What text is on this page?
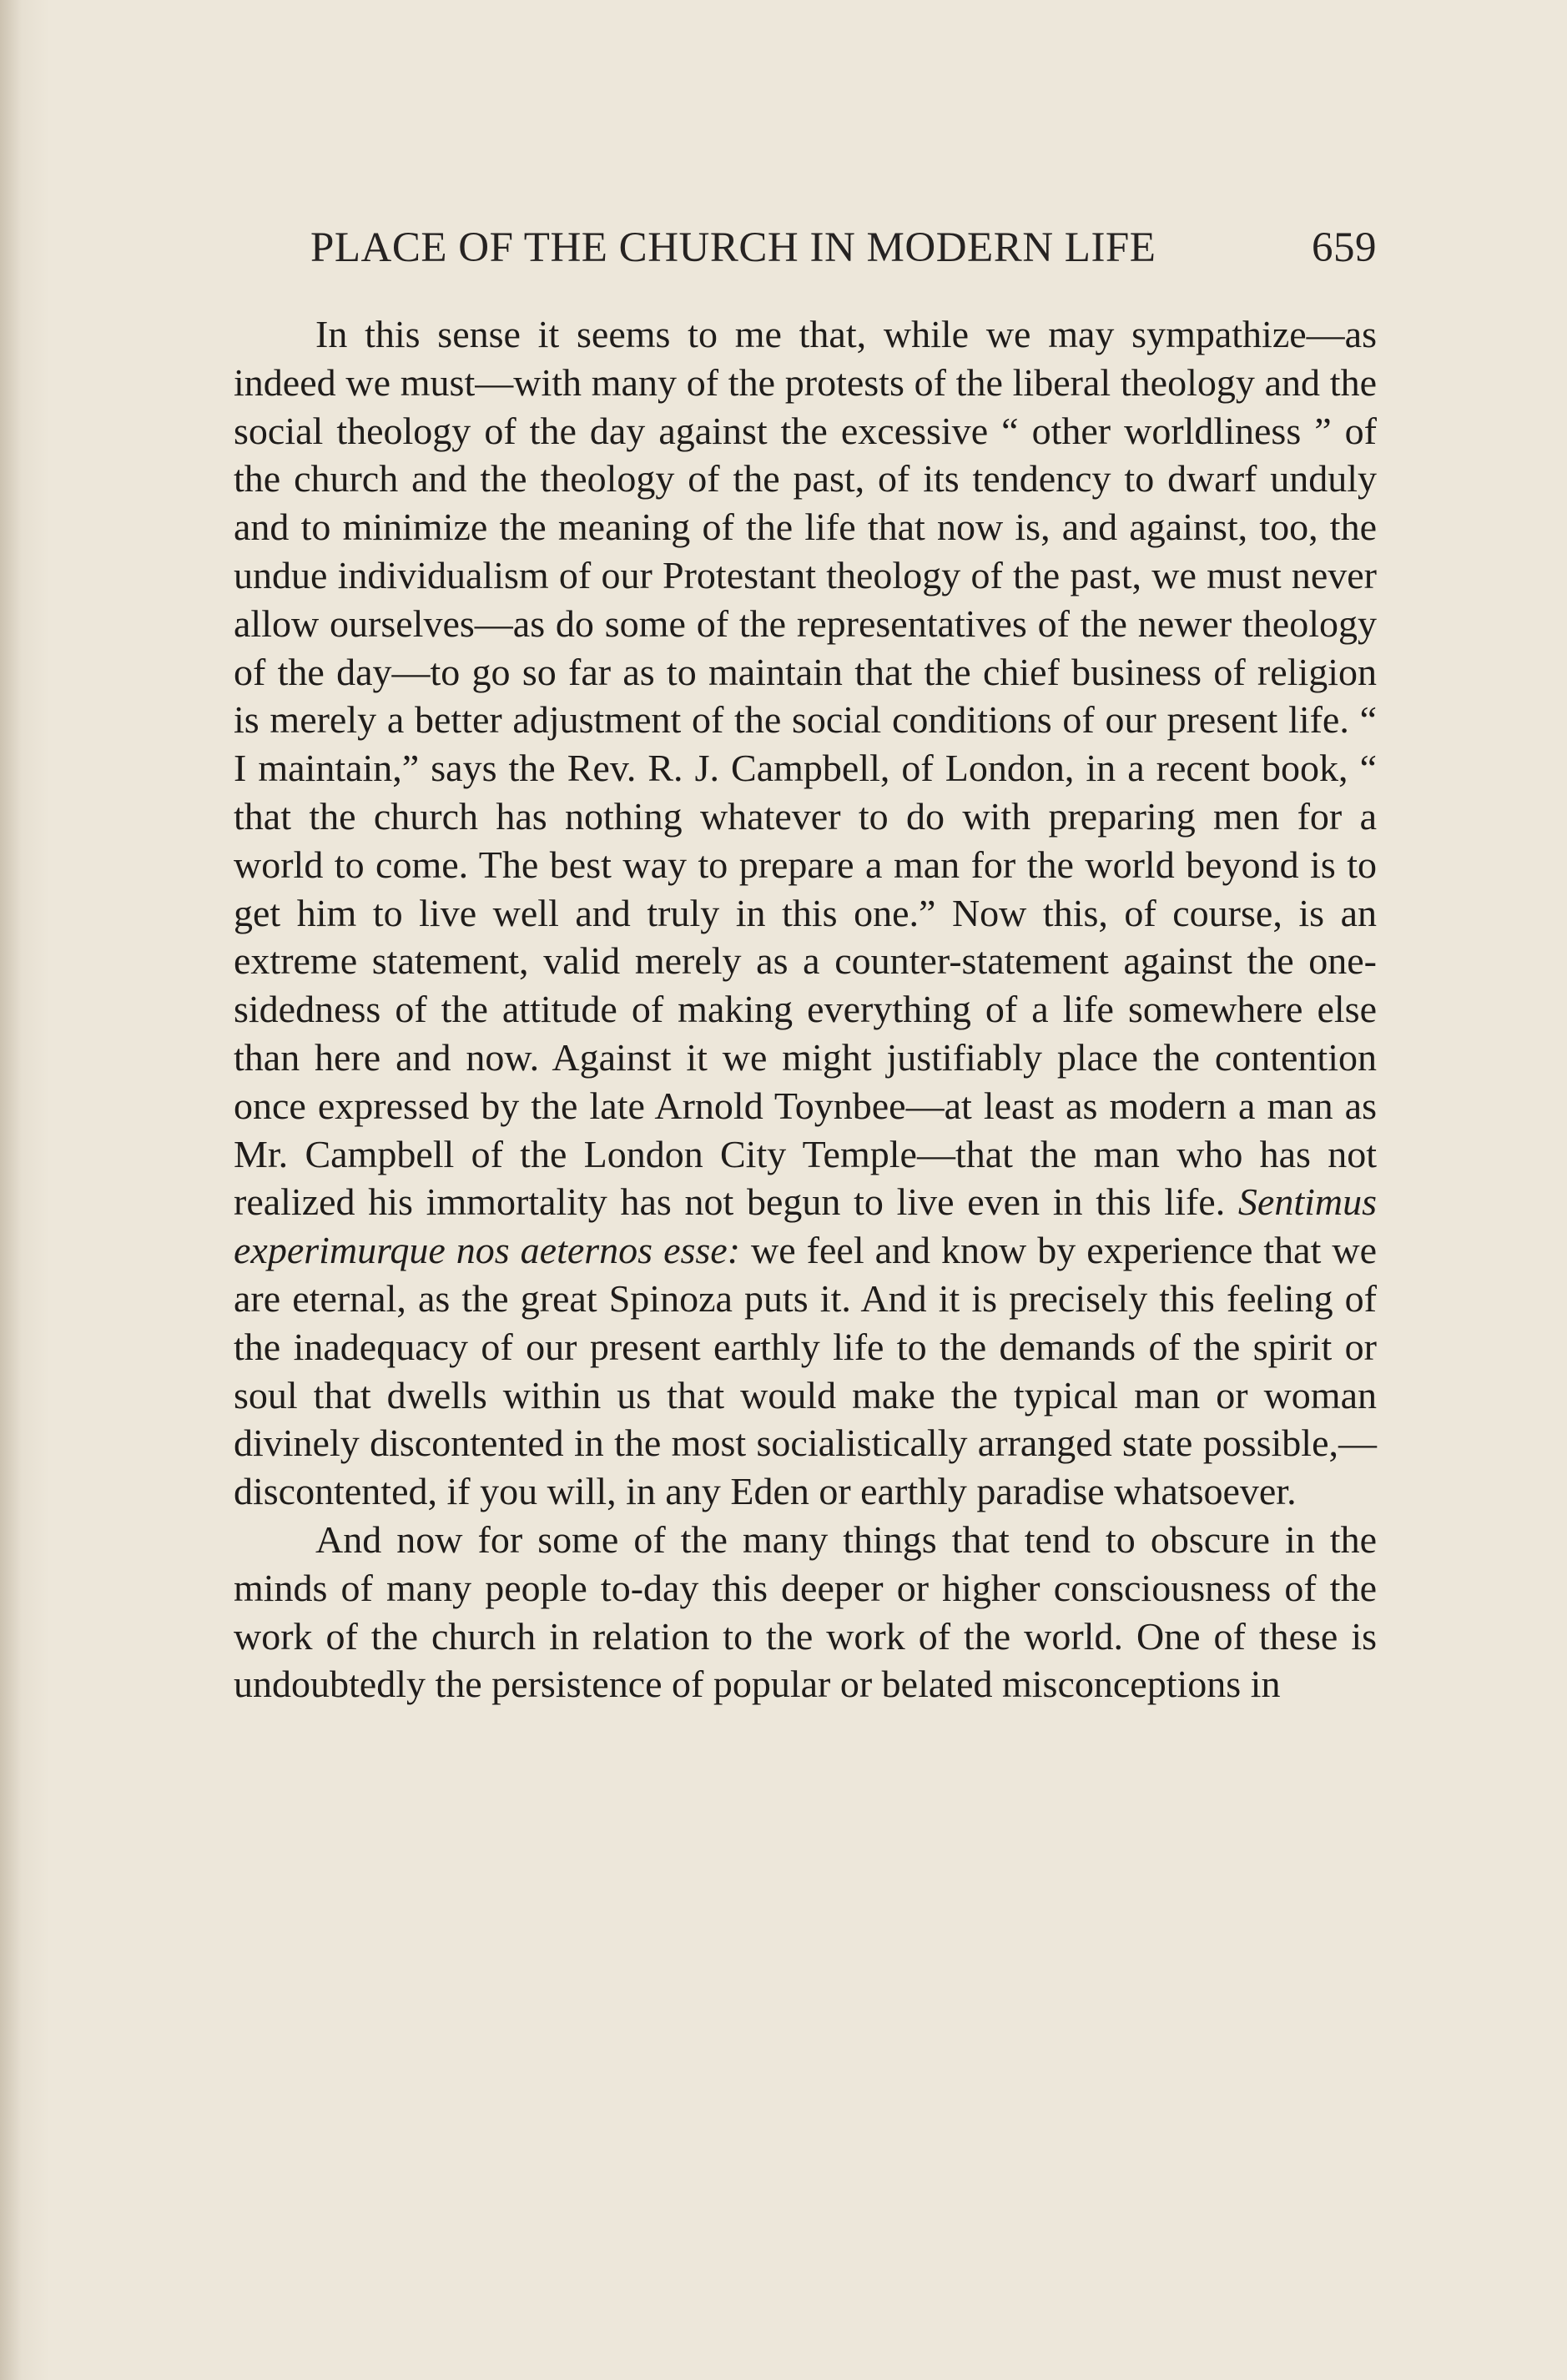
PLACE OF THE CHURCH IN MODERN LIFE	659

In this sense it seems to me that, while we may sympathize—as indeed we must—with many of the protests of the liberal theology and the social theology of the day against the excessive “ other worldliness ” of the church and the theology of the past, of its tendency to dwarf unduly and to minimize the meaning of the life that now is, and against, too, the undue individualism of our Protestant theology of the past, we must never allow ourselves—as do some of the representatives of the newer theology of the day—to go so far as to maintain that the chief business of religion is merely a better adjustment of the social conditions of our present life. “ I maintain,” says the Rev. R. J. Campbell, of London, in a recent book, “ that the church has nothing whatever to do with preparing men for a world to come. The best way to prepare a man for the world beyond is to get him to live well and truly in this one.” Now this, of course, is an extreme statement, valid merely as a counter-statement against the one-sidedness of the attitude of making everything of a life somewhere else than here and now. Against it we might justifiably place the contention once expressed by the late Arnold Toynbee—at least as modern a man as Mr. Campbell of the London City Temple—that the man who has not realized his immortality has not begun to live even in this life. Sentimus experimurque nos aeternos esse: we feel and know by experience that we are eternal, as the great Spinoza puts it. And it is precisely this feeling of the inadequacy of our present earthly life to the demands of the spirit or soul that dwells within us that would make the typical man or woman divinely discontented in the most socialistically arranged state possible,—discontented, if you will, in any Eden or earthly paradise whatsoever.

And now for some of the many things that tend to obscure in the minds of many people to-day this deeper or higher consciousness of the work of the church in relation to the work of the world. One of these is undoubtedly the persistence of popular or belated misconceptions in
